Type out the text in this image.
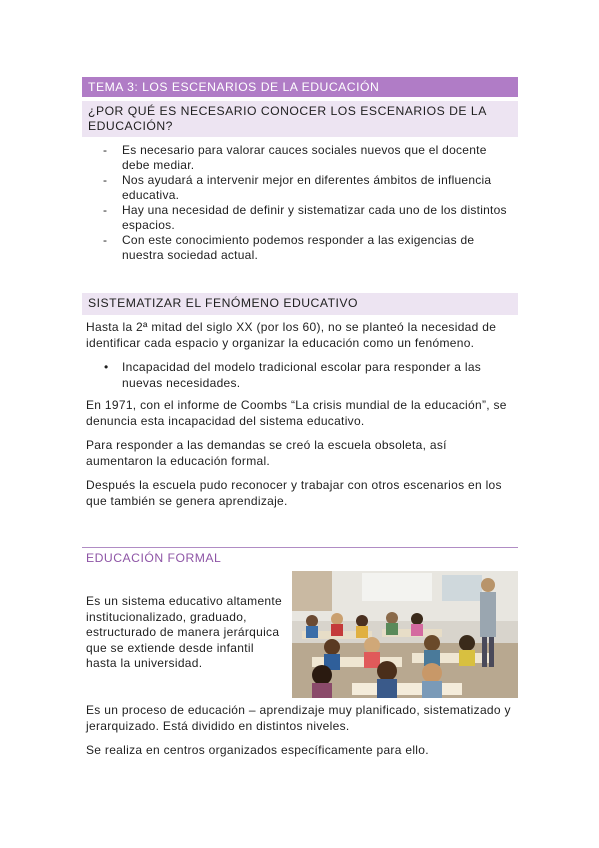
TEMA 3: LOS ESCENARIOS DE LA EDUCACIÓN
¿POR QUÉ ES NECESARIO CONOCER LOS ESCENARIOS DE LA EDUCACIÓN?
- Es necesario para valorar cauces sociales nuevos que el docente
debe mediar.
- Nos ayudará a intervenir mejor en diferentes ámbitos de influencia
educativa.
- Hay una necesidad de definir y sistematizar cada uno de los distintos
espacios.
- Con este conocimiento podemos responder a las exigencias de
nuestra sociedad actual.
SISTEMATIZAR EL FENÓMENO EDUCATIVO

Hasta la 2ª mitad del siglo XX (por los 60), no se planteó la necesidad de
identificar cada espacio y organizar la educación como un fenómeno.

• Incapacidad del modelo tradicional escolar para responder a las
nuevas necesidades.

En 1971, con el informe de Coombs “La crisis mundial de la educación”, se
denuncia esta incapacidad del sistema educativo.

Para responder a las demandas se creó la escuela obsoleta, así
aumentaron la educación formal.

Después la escuela pudo reconocer y trabajar con otros escenarios en los
que también se genera aprendizaje.

EDUCACIÓN FORMAL

Es un sistema educativo altamente
institucionalizado, graduado,
estructurado de manera jerárquica
que se extiende desde infantil
hasta la universidad.

Es un proceso de educación – aprendizaje muy planificado, sistematizado y
jerarquizado. Está dividido en distintos niveles.

Se realiza en centros organizados específicamente para ello.
